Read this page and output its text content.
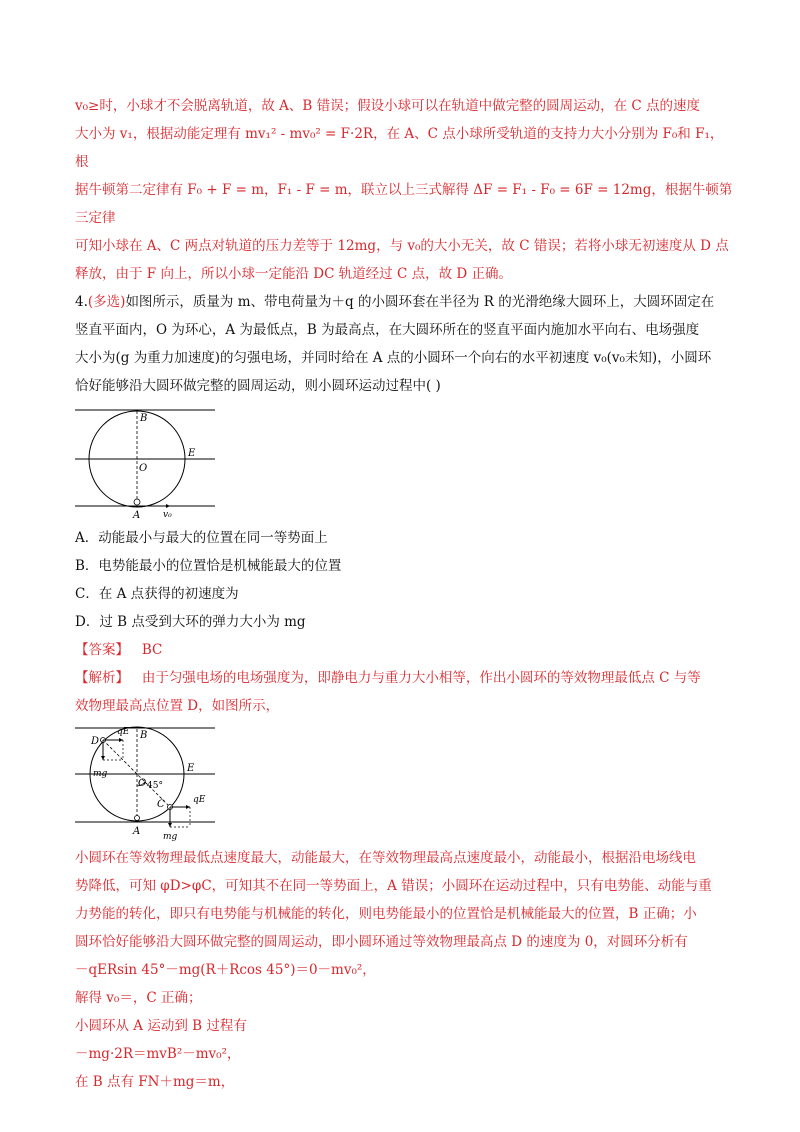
v₀≥时，小球才不会脱离轨道，故 A、B 错误；假设小球可以在轨道中做完整的圆周运动，在 C 点的速度

大小为 v₁，根据动能定理有 mv₁² - mv₀² = F·2R，在 A、C 点小球所受轨道的支持力大小分别为 F₀和 F₁，根

据牛顿第二定律有 F₀ + F = m，F₁ - F = m，联立以上三式解得 ΔF = F₁ - F₀ = 6F = 12mg，根据牛顿第三定律

可知小球在 A、C 两点对轨道的压力差等于 12mg，与 v₀的大小无关，故 C 错误；若将小球无初速度从 D 点

释放，由于 F 向上，所以小球一定能沿 DC 轨道经过 C 点，故 D 正确。

4.(多选)如图所示，质量为 m、带电荷量为＋q 的小圆环套在半径为 R 的光滑绝缘大圆环上，大圆环固定在

竖直平面内，O 为环心，A 为最低点，B 为最高点，在大圆环所在的竖直平面内施加水平向右、电场强度

大小为(g 为重力加速度)的匀强电场，并同时给在 A 点的小圆环一个向右的水平初速度 v₀(v₀未知)，小圆环

恰好能够沿大圆环做完整的圆周运动，则小圆环运动过程中( )

B
O
E
A	v₀

A．动能最小与最大的位置在同一等势面上

B．电势能最小的位置恰是机械能最大的位置

C．在 A 点获得的初速度为

D．过 B 点受到大环的弹力大小为 mg

【答案】 BC

【解析】 由于匀强电场的电场强度为，即静电力与重力大小相等，作出小圆环的等效物理最低点 C 与等

效物理最高点位置 D，如图所示，

D
qE B
mg
O 45°
E
C	qE
A	mg

小圆环在等效物理最低点速度最大，动能最大，在等效物理最高点速度最小，动能最小，根据沿电场线电

势降低，可知 φD>φC，可知其不在同一等势面上，A 错误；小圆环在运动过程中，只有电势能、动能与重

力势能的转化，即只有电势能与机械能的转化，则电势能最小的位置恰是机械能最大的位置，B 正确；小

圆环恰好能够沿大圆环做完整的圆周运动，即小圆环通过等效物理最高点 D 的速度为 0，对圆环分析有

－qERsin 45°－mg(R＋Rcos 45°)＝0－mv₀²，

解得 v₀＝，C 正确；

小圆环从 A 运动到 B 过程有

－mg·2R＝mvB²－mv₀²，

在 B 点有 FN＋mg＝m，
